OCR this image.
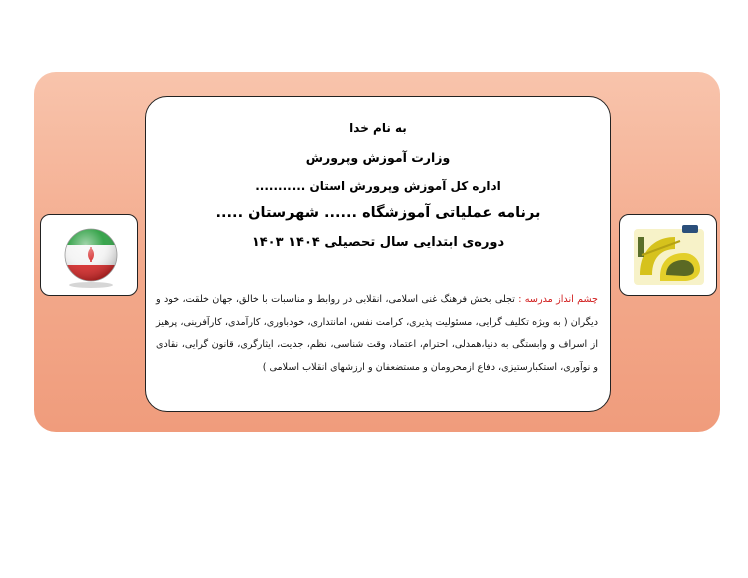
به نام خدا
وزارت آموزش وپرورش
اداره کل آموزش وپرورش استان ...........
برنامه عملیاتی آموزشگاه ...... شهرستان .....
دوره‌ی ابتدایی سال تحصیلی ۱۴۰۴ ۱۴۰۳
چشم انداز مدرسه : تجلی بخش فرهنگ غنی اسلامی، انقلابی در روابط و مناسبات با خالق، جهان خلقت، خود و دیگران ( به ویژه تکلیف گرایی، مسئولیت پذیری، کرامت نفس، امانتداری، خودباوری، کارآمدی، کارآفرینی، پرهیز از اسراف و وابستگی به دنیا،همدلی، احترام، اعتماد، وقت شناسی، نظم، جدیت، ایثارگری، قانون گرایی، نقادی و نوآوری، استکبارستیزی، دفاع ازمحرومان و مستضعفان و ارزشهای انقلاب اسلامی )
